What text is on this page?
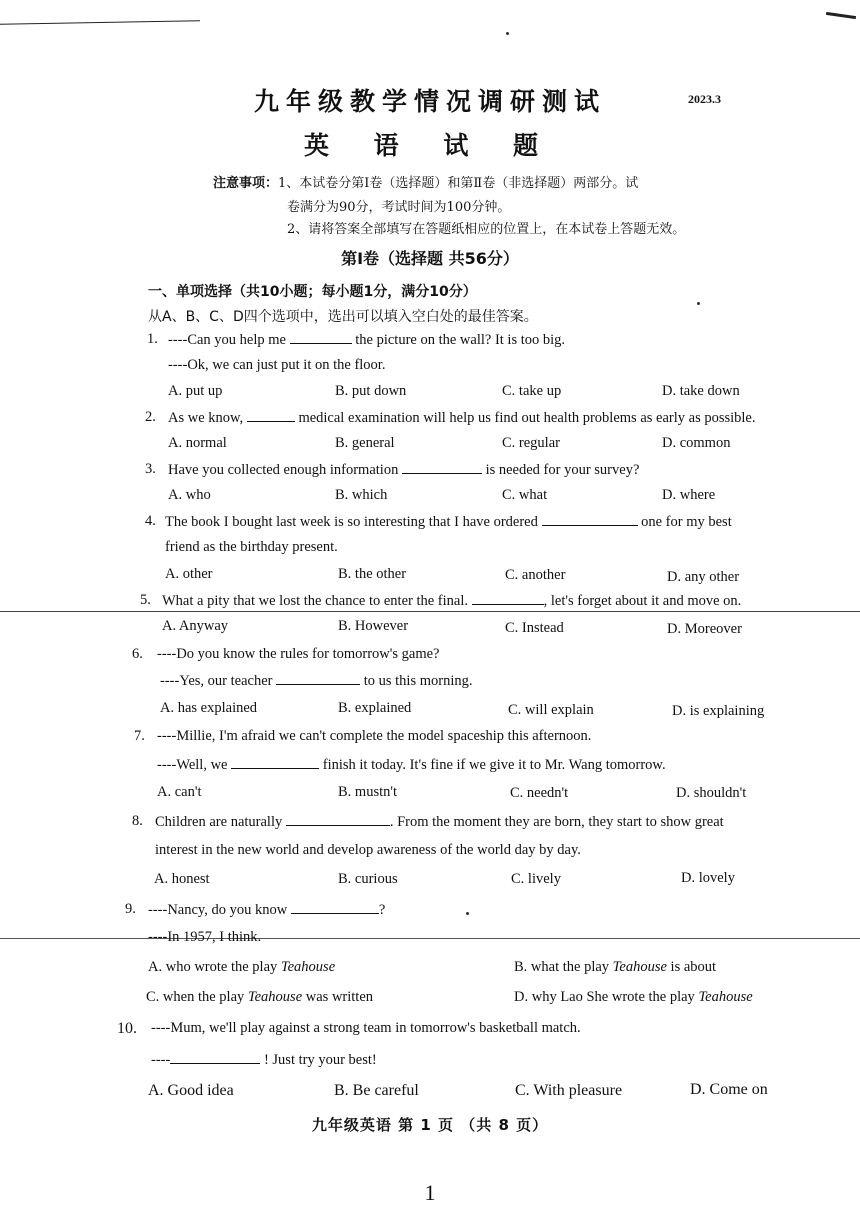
九年级教学情况调研测试	2023.3
英 语 试 题
注意事项：1、本试卷分第Ⅰ卷（选择题）和第Ⅱ卷（非选择题）两部分。试
卷满分为90分，考试时间为100分钟。
2、请将答案全部填写在答题纸相应的位置上，在本试卷上答题无效。
第Ⅰ卷（选择题 共56分）
一、单项选择（共10小题；每小题1分，满分10分）
从A、B、C、D四个选项中，选出可以填入空白处的最佳答案。
1. ----Can you help me	the picture on the wall? It is too big.
----Ok, we can just put it on the floor.
A. put up	B. put down	C. take up	D. take down
2. As we know,	medical examination will help us find out health problems as early as possible.
A. normal	B. general	C. regular	D. common
3. Have you collected enough information	is needed for your survey?
A. who	B. which	C. what	D. where
4. The book I bought last week is so interesting that I have ordered	one for my best
friend as the birthday present.
A. other	B. the other	C. another	D. any other
5. What a pity that we lost the chance to enter the final.	, let's forget about it and move on.
A. Anyway	B. However	C. Instead	D. Moreover
6. ----Do you know the rules for tomorrow's game?
----Yes, our teacher	to us this morning.
A. has explained	B. explained	C. will explain	D. is explaining
7. ----Millie, I'm afraid we can't complete the model spaceship this afternoon.
----Well, we	finish it today. It's fine if we give it to Mr. Wang tomorrow.
A. can't	B. mustn't	C. needn't	D. shouldn't
8. Children are naturally	. From the moment they are born, they start to show great
interest in the new world and develop awareness of the world day by day.
A. honest	B. curious	C. lively	D. lovely
9. ----Nancy, do you know	?
----In 1957, I think.
A. who wrote the play Teahouse	B. what the play Teahouse is about
C. when the play Teahouse was written	D. why Lao She wrote the play Teahouse
10. ----Mum, we'll play against a strong team in tomorrow's basketball match.
----	! Just try your best!
A. Good idea	B. Be careful	C. With pleasure	D. Come on
九年级英语 第 1 页 （共 8 页）
1
